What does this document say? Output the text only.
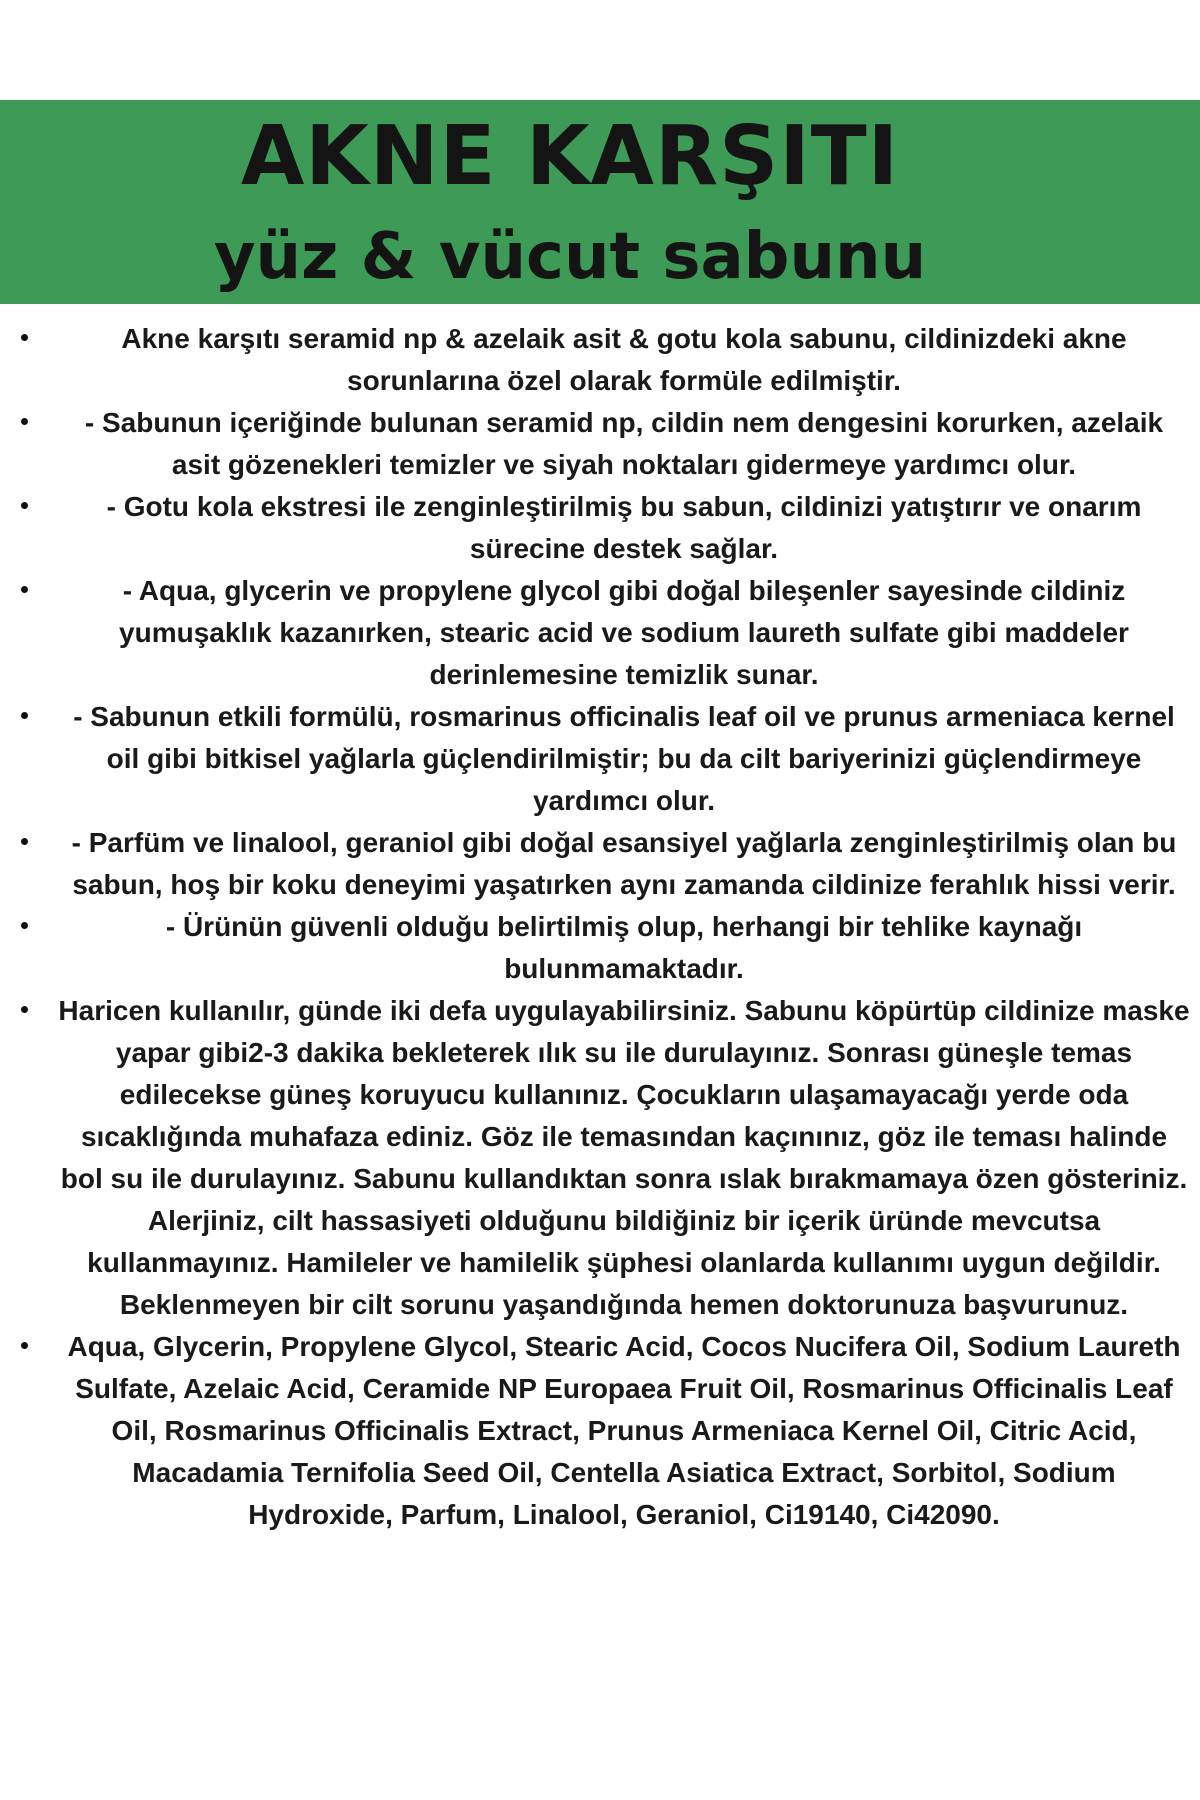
AKNE KARŞITI
yüz & vücut sabunu
Akne karşıtı seramid np & azelaik asit & gotu kola sabunu, cildinizdeki akne sorunlarına özel olarak formüle edilmiştir.
- Sabunun içeriğinde bulunan seramid np, cildin nem dengesini korurken, azelaik asit gözenekleri temizler ve siyah noktaları gidermeye yardımcı olur.
- Gotu kola ekstresi ile zenginleştirilmiş bu sabun, cildinizi yatıştırır ve onarım sürecine destek sağlar.
- Aqua, glycerin ve propylene glycol gibi doğal bileşenler sayesinde cildiniz yumuşaklık kazanırken, stearic acid ve sodium laureth sulfate gibi maddeler derinlemesine temizlik sunar.
- Sabunun etkili formülü, rosmarinus officinalis leaf oil ve prunus armeniaca kernel oil gibi bitkisel yağlarla güçlendirilmiştir; bu da cilt bariyerinizi güçlendirmeye yardımcı olur.
- Parfüm ve linalool, geraniol gibi doğal esansiyel yağlarla zenginleştirilmiş olan bu sabun, hoş bir koku deneyimi yaşatırken aynı zamanda cildinize ferahlık hissi verir.
- Ürünün güvenli olduğu belirtilmiş olup, herhangi bir tehlike kaynağı bulunmamaktadır.
Haricen kullanılır, günde iki defa uygulayabilirsiniz. Sabunu köpürtüp cildinize maske yapar gibi2-3 dakika bekleterek ılık su ile durulayınız. Sonrası güneşle temas edilecekse güneş koruyucu kullanınız. Çocukların ulaşamayacağı yerde oda sıcaklığında muhafaza ediniz. Göz ile temasından kaçınınız, göz ile teması halinde bol su ile durulayınız. Sabunu kullandıktan sonra ıslak bırakmamaya özen gösteriniz. Alerjiniz, cilt hassasiyeti olduğunu bildiğiniz bir içerik üründe mevcutsa kullanmayınız. Hamileler ve hamilelik şüphesi olanlarda kullanımı uygun değildir. Beklenmeyen bir cilt sorunu yaşandığında hemen doktorunuza başvurunuz.
Aqua, Glycerin, Propylene Glycol, Stearic Acid, Cocos Nucifera Oil, Sodium Laureth Sulfate, Azelaic Acid, Ceramide NP Europaea Fruit Oil, Rosmarinus Officinalis Leaf Oil, Rosmarinus Officinalis Extract, Prunus Armeniaca Kernel Oil, Citric Acid, Macadamia Ternifolia Seed Oil, Centella Asiatica Extract, Sorbitol, Sodium Hydroxide, Parfum, Linalool, Geraniol, Ci19140, Ci42090.
